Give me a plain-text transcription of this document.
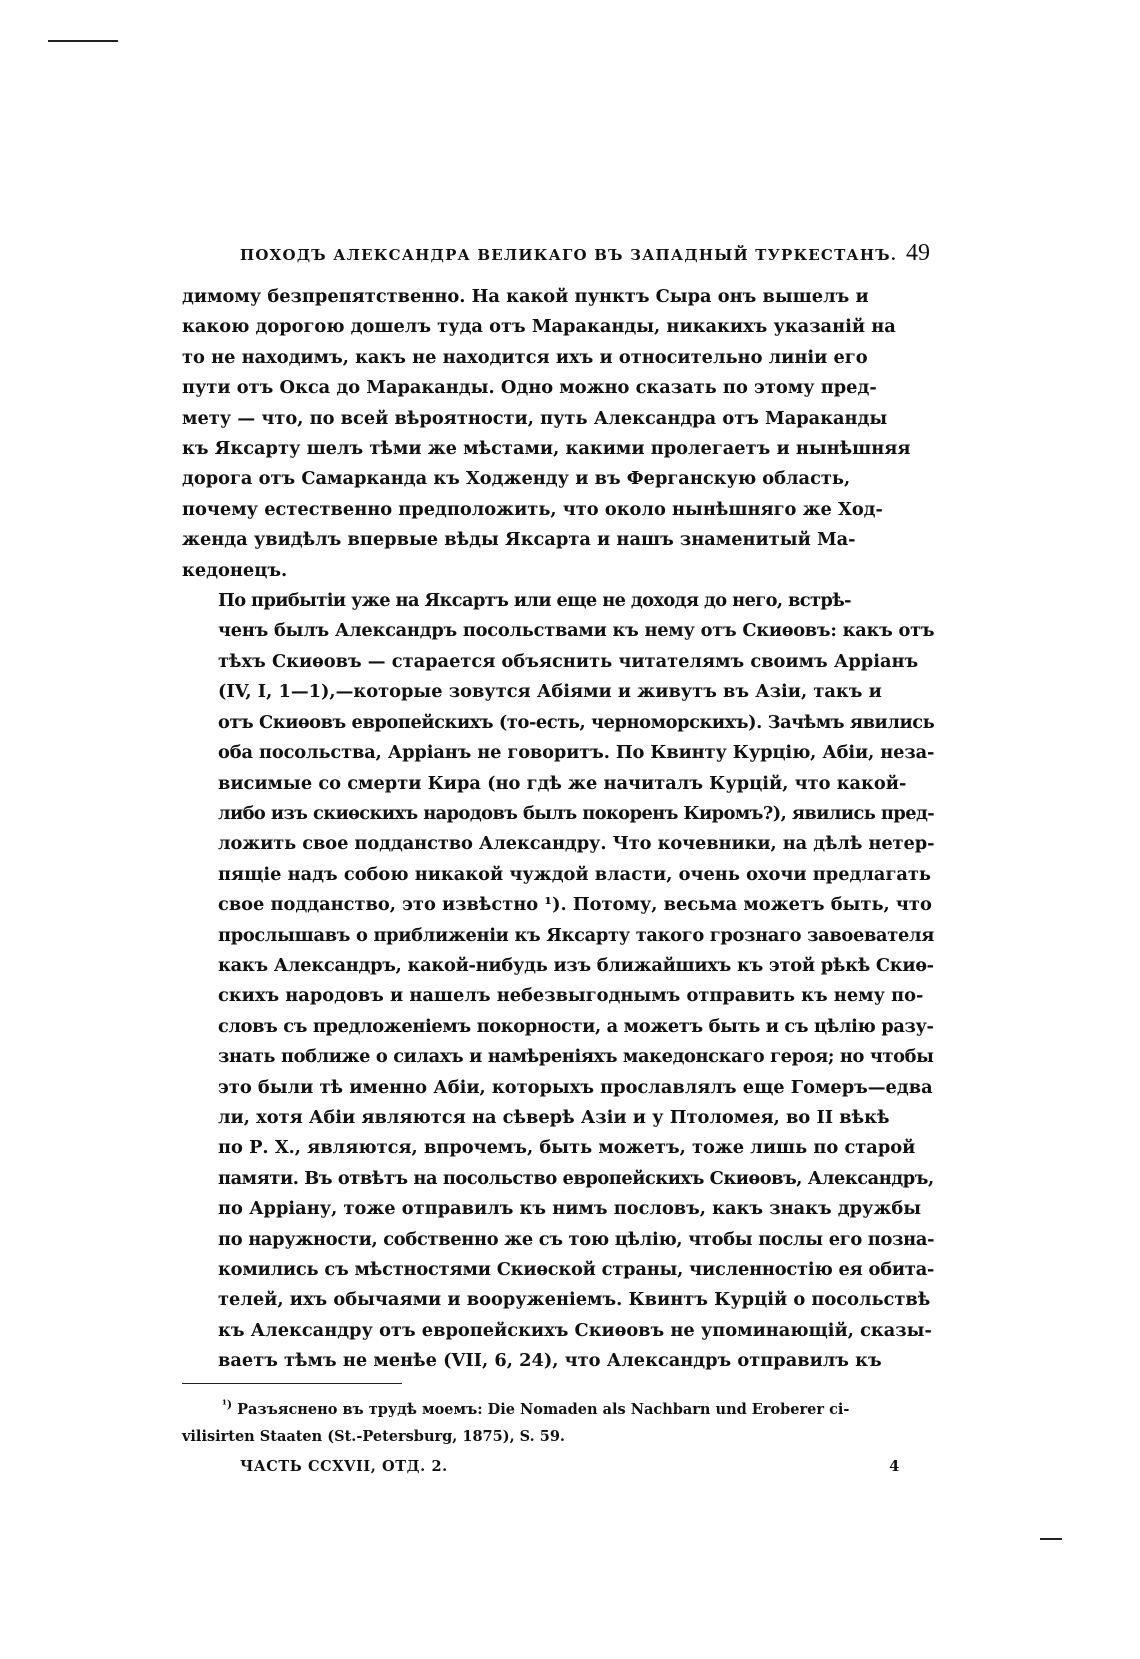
ПОХОДЪ АЛЕКСАНДРА ВЕЛИКАГО ВЪ ЗАПАДНЫЙ ТУРКЕСТАНЪ. 49

димому безпрепятственно. На какой пунктъ Сыра онъ вышелъ и
какою дорогою дошелъ туда отъ Мараканды, никакихъ указаній на
то не находимъ, какъ не находится ихъ и относительно линіи его
пути отъ Окса до Мараканды. Одно можно сказать по этому пред-
мету — что, по всей вѣроятности, путь Александра отъ Мараканды
къ Яксарту шелъ тѣми же мѣстами, какими пролегаетъ и нынѣшняя
дорога отъ Самарканда къ Ходженду и въ Ферганскую область,
почему естественно предположить, что около нынѣшняго же Ход-
женда увидѣлъ впервые вѣды Яксарта и нашъ знаменитый Ма-
кедонецъ.

По прибытіи уже на Яксартъ или еще не доходя до него, встрѣ-
ченъ былъ Александръ посольствами къ нему отъ Скиѳовъ: какъ отъ
тѣхъ Скиѳовъ — старается объяснить читателямъ своимъ Арріанъ
(IV, I, 1—1),—которые зовутся Абіями и живутъ въ Азіи, такъ и
отъ Скиѳовъ европейскихъ (то-есть, черноморскихъ). Зачѣмъ явились
оба посольства, Арріанъ не говоритъ. По Квинту Курцію, Абіи, неза-
висимые со смерти Кира (но гдѣ же начиталъ Курцій, что какой-
либо изъ скиѳскихъ народовъ былъ покоренъ Киромъ?), явились пред-
ложить свое подданство Александру. Что кочевники, на дѣлѣ нетер-
пящіе надъ собою никакой чуждой власти, очень охочи предлагать
свое подданство, это извѣстно ¹). Потому, весьма можетъ быть, что
прослышавъ о приближеніи къ Яксарту такого грознаго завоевателя
какъ Александръ, какой-нибудь изъ ближайшихъ къ этой рѣкѣ Скиѳ-
скихъ народовъ и нашелъ небезвыгоднымъ отправить къ нему по-
словъ съ предложеніемъ покорности, а можетъ быть и съ цѣлію разу-
знать поближе о силахъ и намѣреніяхъ македонскаго героя; но чтобы
это были тѣ именно Абіи, которыхъ прославлялъ еще Гомеръ—едва
ли, хотя Абіи являются на сѣверѣ Азіи и у Птоломея, во II вѣкѣ
по Р. Х., являются, впрочемъ, быть можетъ, тоже лишь по старой
памяти. Въ отвѣтъ на посольство европейскихъ Скиѳовъ, Александръ,
по Арріану, тоже отправилъ къ нимъ пословъ, какъ знакъ дружбы
по наружности, собственно же съ тою цѣлію, чтобы послы его позна-
комились съ мѣстностями Скиѳской страны, численностію ея обита-
телей, ихъ обычаями и вооруженіемъ. Квинтъ Курцій о посольствѣ
къ Александру отъ европейскихъ Скиѳовъ не упоминающій, сказы-
ваетъ тѣмъ не менѣе (VII, 6, 24), что Александръ отправилъ къ

$^{^1)}$ Разъяснено въ трудѣ моемъ: Die Nomaden als Nachbarn und Eroberer ci-
vilisirten Staaten (St.-Petersburg, 1875), S. 59.
ЧАСТЬ CCXVII, ОТД. 2.	4
